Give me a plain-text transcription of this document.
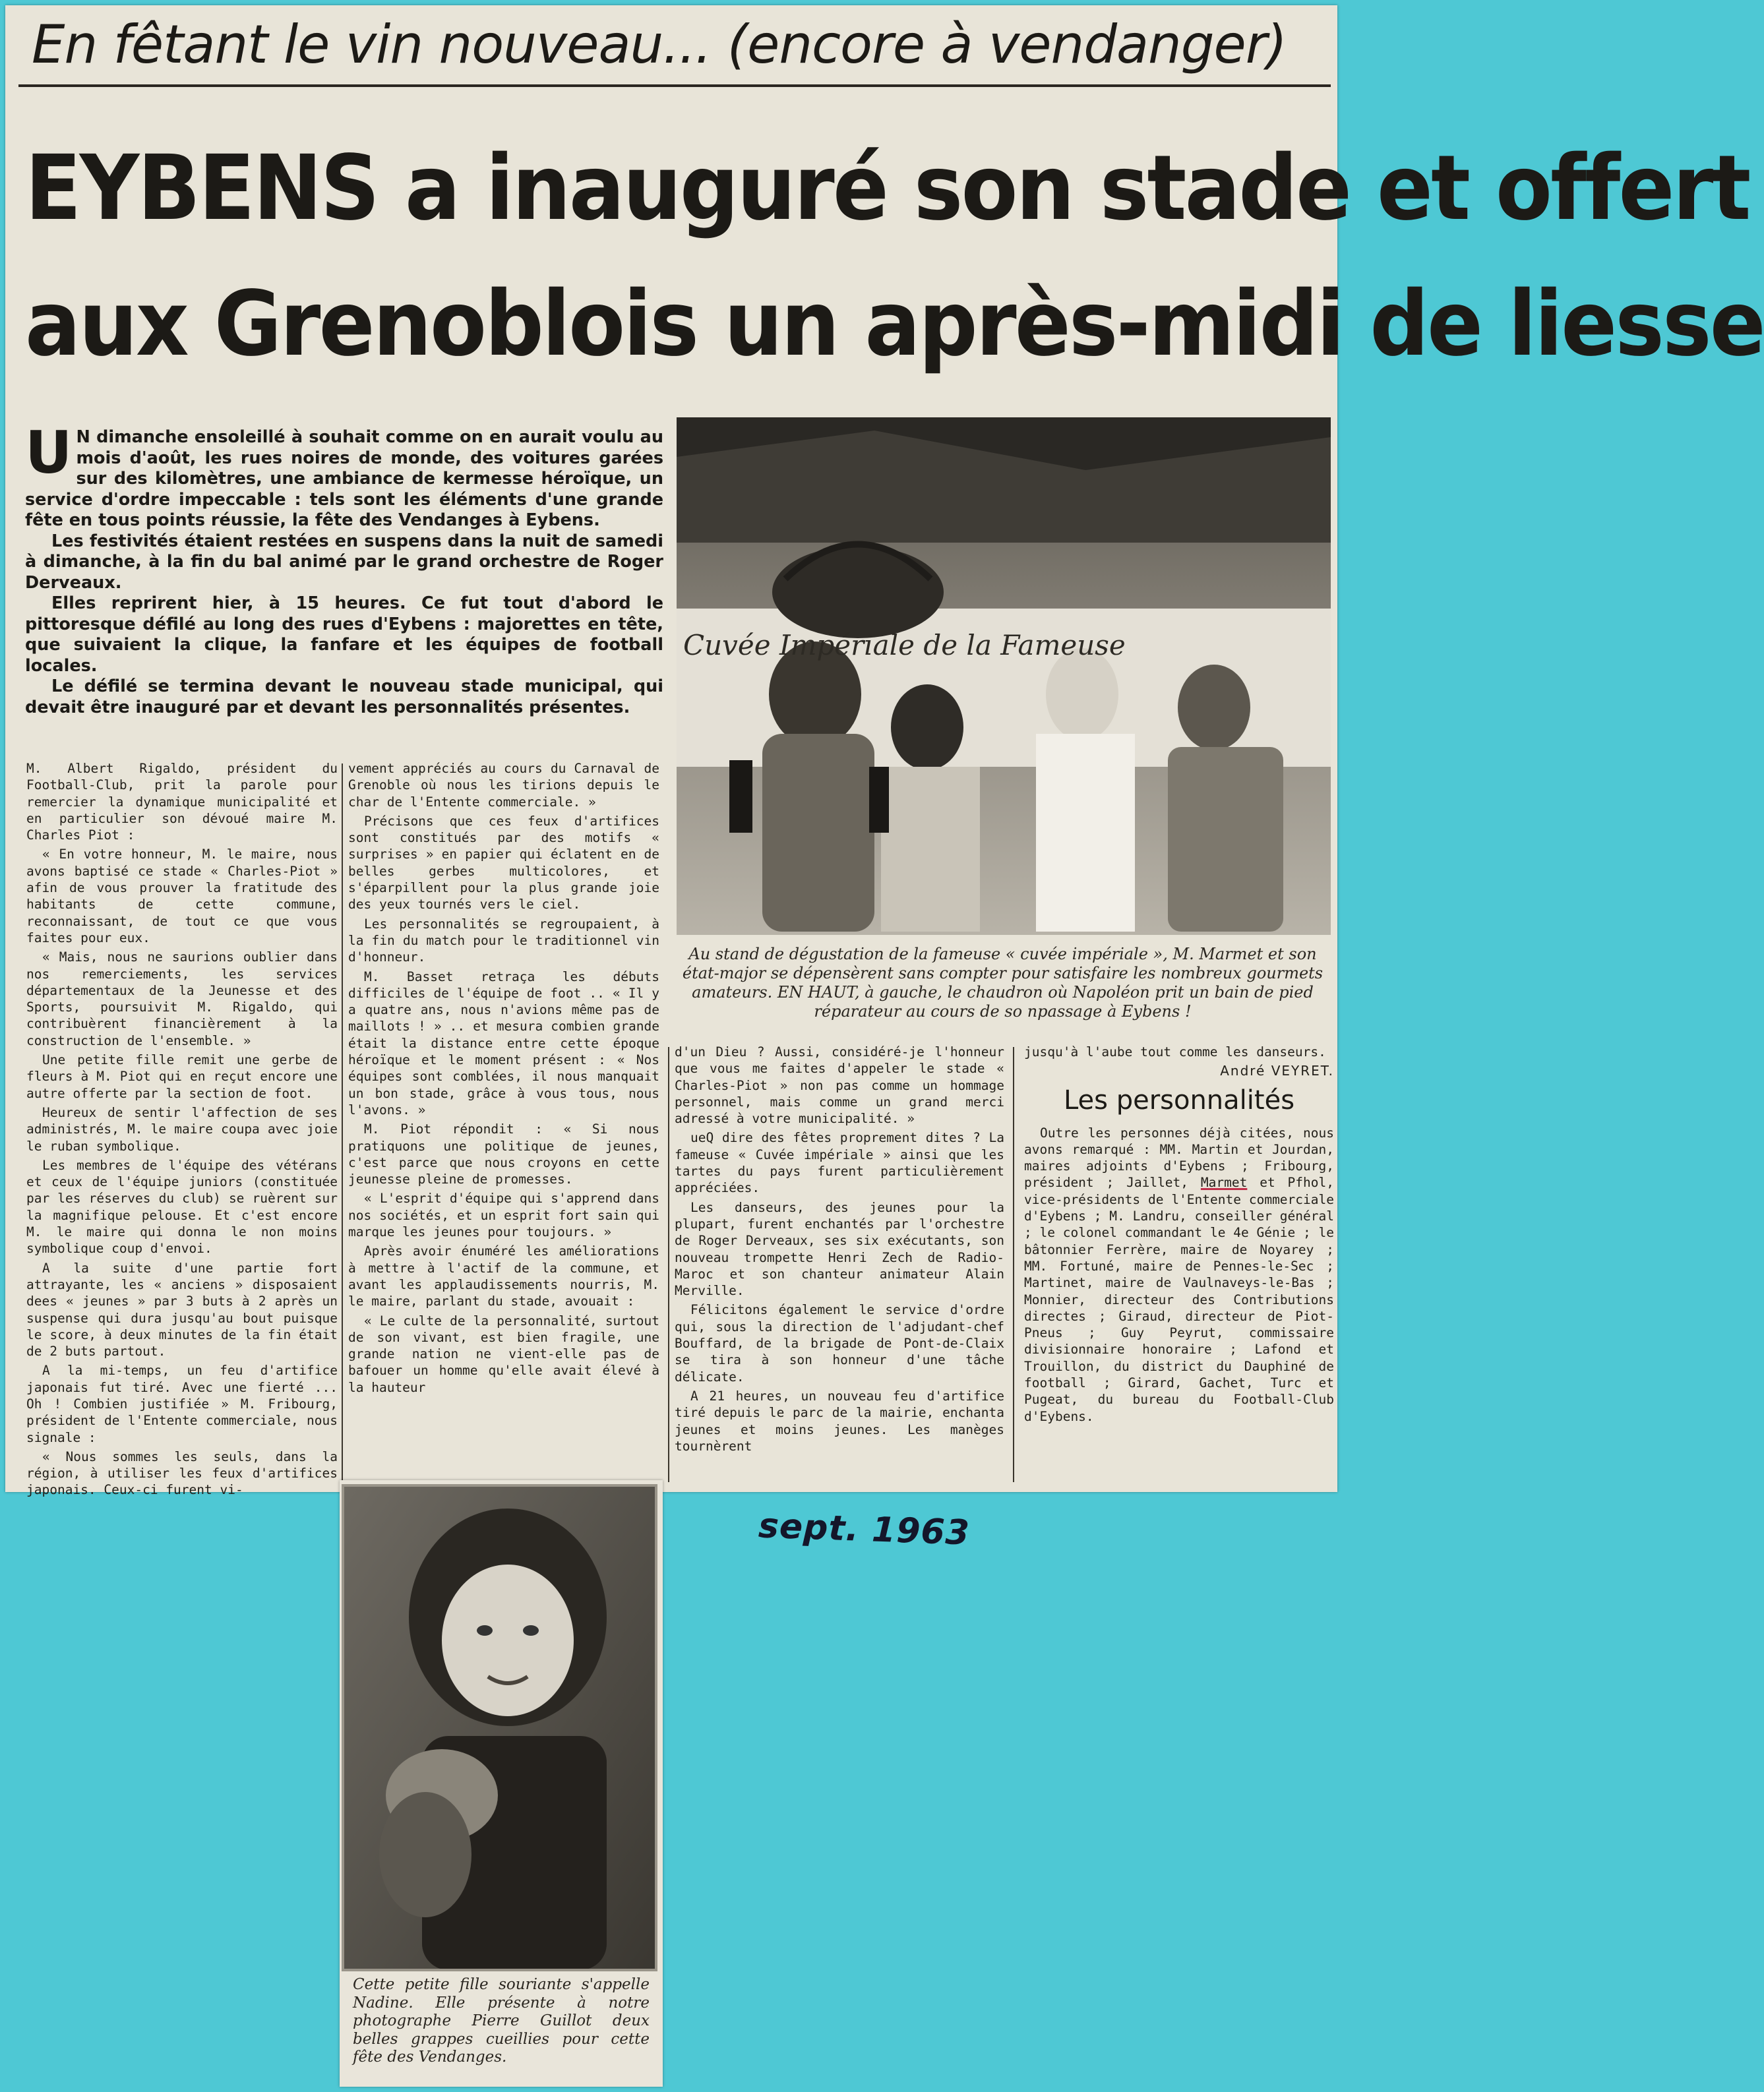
En fêtant le vin nouveau... (encore à vendanger)
EYBENS a inauguré son stade et offert
aux Grenoblois un après-midi de liesse

U N dimanche ensoleillé à souhait comme on en aurait voulu au mois d'août, les rues noires de monde, des voitures garées sur des kilomètres, une ambiance de kermesse héroïque, un service d'ordre impeccable : tels sont les éléments d'une grande fête en tous points réussie, la fête des Vendanges à Eybens.

Les festivités étaient restées en suspens dans la nuit de samedi à dimanche, à la fin du bal animé par le grand orchestre de Roger Derveaux.

Elles reprirent hier, à 15 heures. Ce fut tout d'abord le pittoresque défilé au long des rues d'Eybens : majorettes en tête, que suivaient la clique, la fanfare et les équipes de football locales.

Le défilé se termina devant le nouveau stade municipal, qui devait être inauguré par et devant les personnalités présentes.

Cuvée Impériale de la Fameuse
Au stand de dégustation de la fameuse « cuvée impériale », M. Marmet et son état-major se dépensèrent sans compter pour satisfaire les nombreux gourmets amateurs. EN HAUT, à gauche, le chaudron où Napoléon prit un bain de pied réparateur au cours de so npassage à Eybens !

M. Albert Rigaldo, président du Football-Club, prit la parole pour remercier la dynamique municipalité et en particulier son dévoué maire M. Charles Piot :

« En votre honneur, M. le maire, nous avons baptisé ce stade « Charles-Piot » afin de vous prouver la fratitude des habitants de cette commune, reconnaissant, de tout ce que vous faites pour eux.

« Mais, nous ne saurions oublier dans nos remerciements, les services départementaux de la Jeunesse et des Sports, poursuivit M. Rigaldo, qui contribuèrent financièrement à la construction de l'ensemble. »

Une petite fille remit une gerbe de fleurs à M. Piot qui en reçut encore une autre offerte par la section de foot.

Heureux de sentir l'affection de ses administrés, M. le maire coupa avec joie le ruban symbolique.

Les membres de l'équipe des vétérans et ceux de l'équipe juniors (constituée par les réserves du club) se ruèrent sur la magnifique pelouse. Et c'est encore M. le maire qui donna le non moins symbolique coup d'envoi.

A la suite d'une partie fort attrayante, les « anciens » disposaient dees « jeunes » par 3 buts à 2 après un suspense qui dura jusqu'au bout puisque le score, à deux minutes de la fin était de 2 buts partout.

A la mi-temps, un feu d'artifice japonais fut tiré. Avec une fierté ... Oh ! Combien justifiée » M. Fribourg, président de l'Entente commerciale, nous signale :

« Nous sommes les seuls, dans la région, à utiliser les feux d'artifices japonais. Ceux-ci furent vi-

vement appréciés au cours du Carnaval de Grenoble où nous les tirions depuis le char de l'Entente commerciale. »

Précisons que ces feux d'artifices sont constitués par des motifs « surprises » en papier qui éclatent en de belles gerbes multicolores, et s'éparpillent pour la plus grande joie des yeux tournés vers le ciel.

Les personnalités se regroupaient, à la fin du match pour le traditionnel vin d'honneur.

M. Basset retraça les débuts difficiles de l'équipe de foot .. « Il y a quatre ans, nous n'avions même pas de maillots ! » .. et mesura combien grande était la distance entre cette époque héroïque et le moment présent : « Nos équipes sont comblées, il nous manquait un bon stade, grâce à vous tous, nous l'avons. »

M. Piot répondit : « Si nous pratiquons une politique de jeunes, c'est parce que nous croyons en cette jeunesse pleine de promesses.

« L'esprit d'équipe qui s'apprend dans nos sociétés, et un esprit fort sain qui marque les jeunes pour toujours. »

Après avoir énuméré les améliorations à mettre à l'actif de la commune, et avant les applaudissements nourris, M. le maire, parlant du stade, avouait :

« Le culte de la personnalité, surtout de son vivant, est bien fragile, une grande nation ne vient-elle pas de bafouer un homme qu'elle avait élevé à la hauteur

d'un Dieu ? Aussi, considéré-je l'honneur que vous me faites d'appeler le stade « Charles-Piot » non pas comme un hommage personnel, mais comme un grand merci adressé à votre municipalité. »

ueQ dire des fêtes proprement dites ? La fameuse « Cuvée impériale » ainsi que les tartes du pays furent particulièrement appréciées.

Les danseurs, des jeunes pour la plupart, furent enchantés par l'orchestre de Roger Derveaux, ses six exécutants, son nouveau trompette Henri Zech de Radio-Maroc et son chanteur animateur Alain Merville.

Félicitons également le service d'ordre qui, sous la direction de l'adjudant-chef Bouffard, de la brigade de Pont-de-Claix se tira à son honneur d'une tâche délicate.

A 21 heures, un nouveau feu d'artifice tiré depuis le parc de la mairie, enchanta jeunes et moins jeunes. Les manèges tournèrent

jusqu'à l'aube tout comme les danseurs.

André VEYRET.
Les personnalités

Outre les personnes déjà citées, nous avons remarqué : MM. Martin et Jourdan, maires adjoints d'Eybens ; Fribourg, président ; Jaillet, Marmet et Pfhol, vice-présidents de l'Entente commerciale d'Eybens ; M. Landru, conseiller général ; le colonel commandant le 4e Génie ; le bâtonnier Ferrère, maire de Noyarey ; MM. Fortuné, maire de Pennes-le-Sec ; Martinet, maire de Vaulnaveys-le-Bas ; Monnier, directeur des Contributions directes ; Giraud, directeur de Piot-Pneus ; Guy Peyrut, commissaire divisionnaire honoraire ; Lafond et Trouillon, du district du Dauphiné de football ; Girard, Gachet, Turc et Pugeat, du bureau du Football-Club d'Eybens.

Cette petite fille souriante s'appelle Nadine. Elle présente à notre photographe Pierre Guillot deux belles grappes cueillies pour cette fête des Vendanges.
sept. 1963
